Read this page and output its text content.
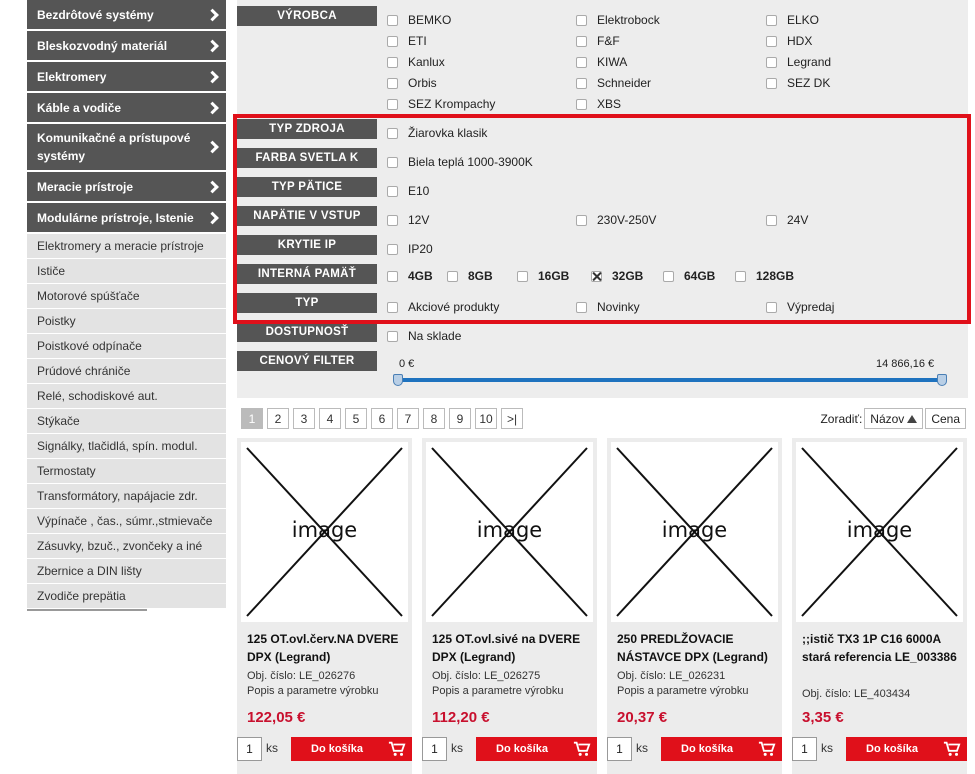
Bezdrôtové systémy
Bleskozvodný materiál
Elektromery
Káble a vodiče
Komunikačné a prístupové systémy
Meracie prístroje
Modulárne prístroje, Istenie
Elektromery a meracie prístroje
Ističe
Motorové spúšťače
Poistky
Poistkové odpínače
Prúdové chrániče
Relé, schodiskové aut.
Stýkače
Signálky, tlačidlá, spín. modul.
Termostaty
Transformátory, napájacie zdr.
Výpínače , čas., súmr.,stmievače
Zásuvky, bzuč., zvončeky a iné
Zbernice a DIN lišty
Zvodiče prepätia
VÝROBCA	BEMKO	Elektrobock	ELKO
ETI	F&F	HDX
Kanlux	KIWA	Legrand
Orbis	Schneider	SEZ DK
SEZ Krompachy	XBS
TYP ZDROJA	Žiarovka klasik
FARBA SVETLA K	Biela teplá 1000-3900K
TYP PÄTICE	E10
NAPÄTIE V VSTUP	12V	230V-250V	24V
KRYTIE IP	IP20
INTERNÁ PAMÄŤ	4GB	8GB	16GB	32GB	64GB	128GB
TYP	Akciové produkty	Novinky	Výpredaj
DOSTUPNOSŤ	Na sklade
CENOVÝ FILTER	0 €	14 866,16 €
1	2	3	4	5	6	7	8	9	10	>|	Zoradiť: Názov Cena
image
125 OT.ovl.červ.NA DVERE DPX (Legrand)
Obj. číslo: LE_026276
Popis a parametre výrobku
122,05 €
1	ks	Do košíka
image
125 OT.ovl.sivé na DVERE DPX (Legrand)
Obj. číslo: LE_026275
Popis a parametre výrobku
112,20 €
1	ks	Do košíka
image
250 PREDLŽOVACIE NÁSTAVCE DPX (Legrand)
Obj. číslo: LE_026231
Popis a parametre výrobku
20,37 €
1	ks	Do košíka
image
;;istič TX3 1P C16 6000A stará referencia LE_003386
Obj. číslo: LE_403434
3,35 €
1	ks	Do košíka
